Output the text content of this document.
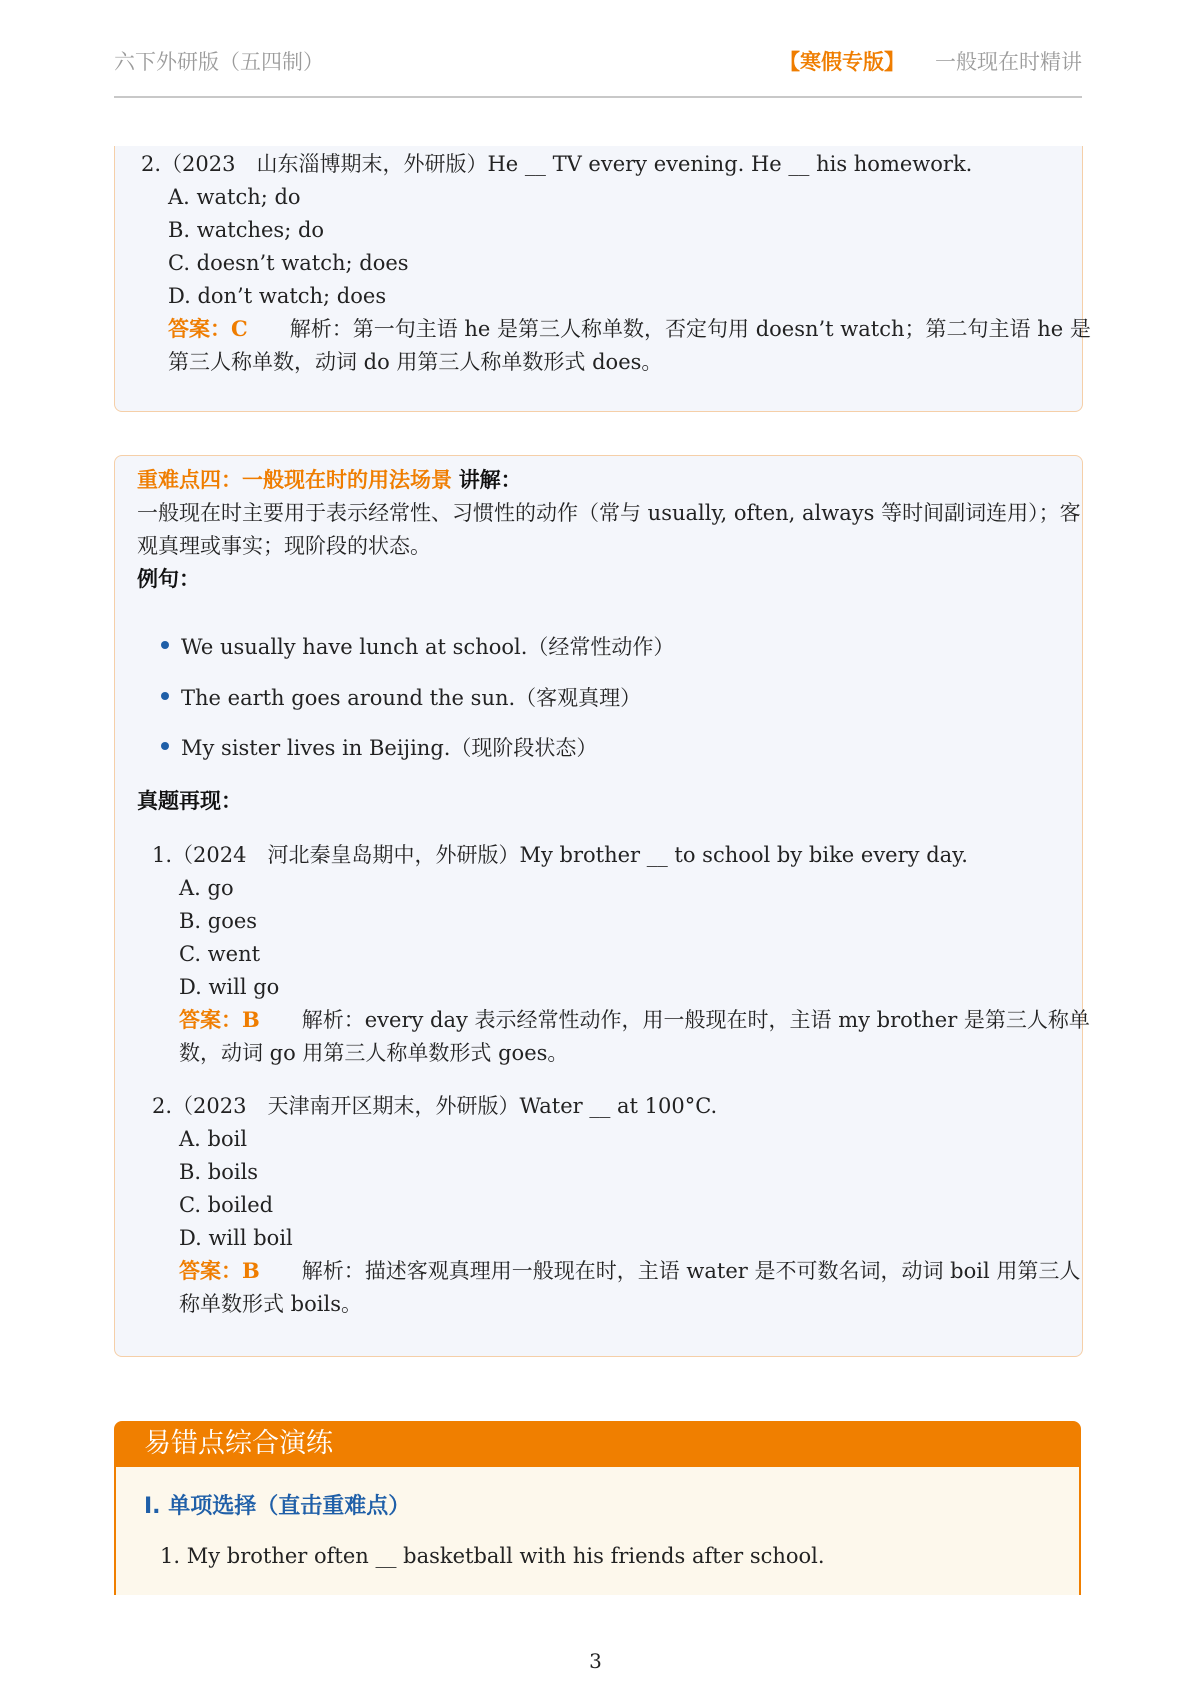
六下外研版（五四制）	【寒假专版】 一般现在时精讲
2.（2023　山东淄博期末，外研版）He __ TV every evening. He __ his homework.
A. watch; do
B. watches; do
C. doesn’t watch; does
D. don’t watch; does
答案：C　　 解析：第一句主语 he 是第三人称单数，否定句用 doesn’t watch；第二句主语 he 是
第三人称单数，动词 do 用第三人称单数形式 does。
重难点四：一般现在时的用法场景 讲解：
一般现在时主要用于表示经常性、习惯性的动作（常与 usually, often, always 等时间副词连用）；客
观真理或事实；现阶段的状态。
例句：
We usually have lunch at school.（经常性动作）
The earth goes around the sun.（客观真理）
My sister lives in Beijing.（现阶段状态）
真题再现：
1.（2024　河北秦皇岛期中，外研版）My brother __ to school by bike every day.
A. go
B. goes
C. went
D. will go
答案：B　　 解析：every day 表示经常性动作，用一般现在时，主语 my brother 是第三人称单
数，动词 go 用第三人称单数形式 goes。
2.（2023　天津南开区期末，外研版）Water __ at 100°C.
A. boil
B. boils
C. boiled
D. will boil
答案：B　　 解析：描述客观真理用一般现在时，主语 water 是不可数名词，动词 boil 用第三人
称单数形式 boils。
易错点综合演练
I. 单项选择（直击重难点）
1. My brother often __ basketball with his friends after school.
3
